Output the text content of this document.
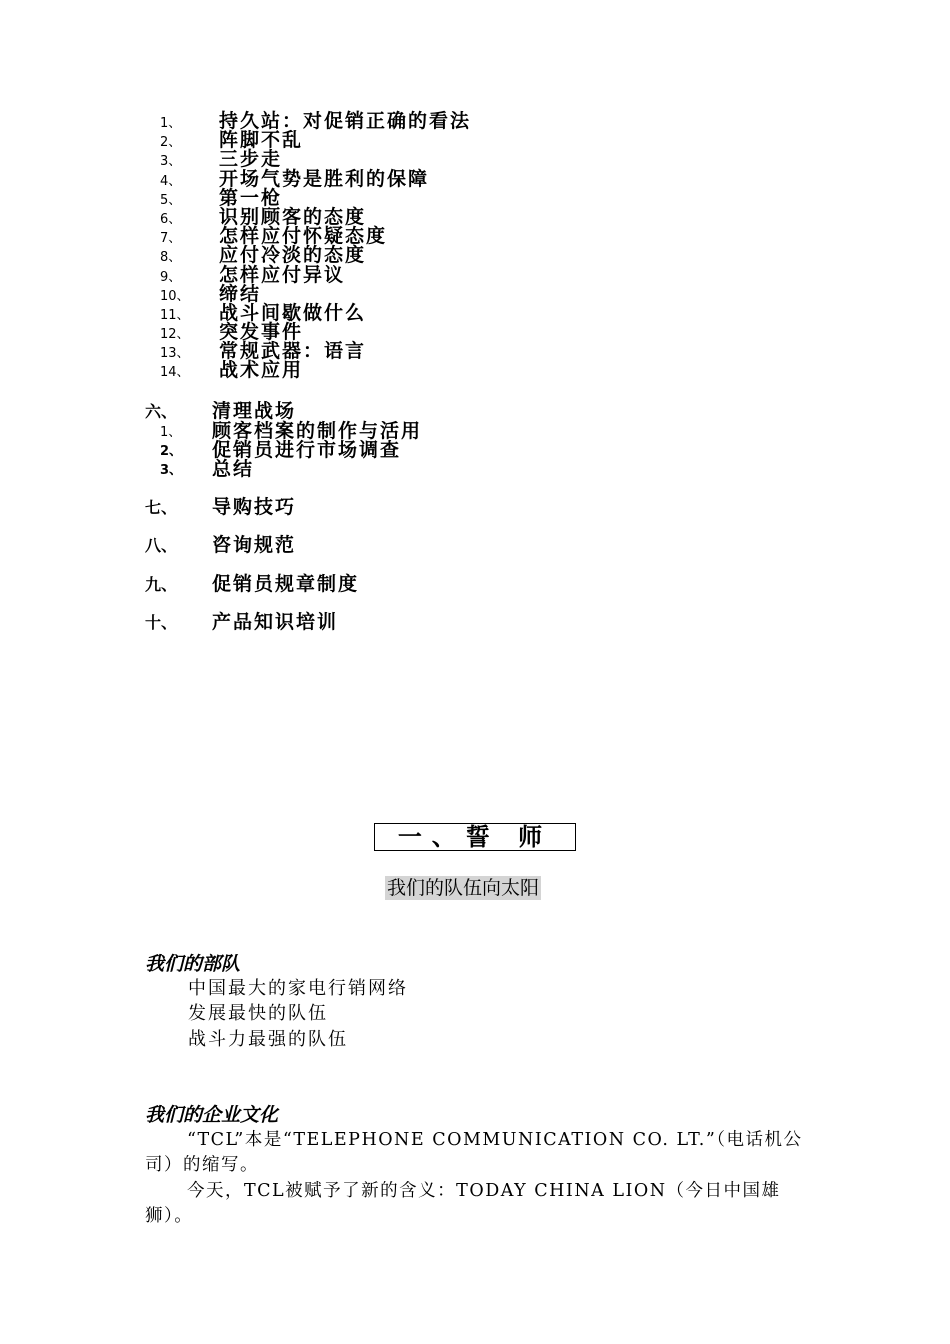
1、 持久站：对促销正确的看法
2、 阵脚不乱
3、 三步走
4、 开场气势是胜利的保障
5、 第一枪
6、 识别顾客的态度
7、 怎样应付怀疑态度
8、 应付冷淡的态度
9、 怎样应付异议
10、 缔结
11、 战斗间歇做什么
12、 突发事件
13、 常规武器：语言
14、 战术应用
六、 清理战场
1、 顾客档案的制作与活用
2、 促销员进行市场调查
3、 总结
七、 导购技巧
八、 咨询规范
九、 促销员规章制度
十、 产品知识培训
一、誓 师
我们的队伍向太阳
我们的部队
中国最大的家电行销网络
发展最快的队伍
战斗力最强的队伍
我们的企业文化
“TCL”本是“TELEPHONE COMMUNICATION CO. LT.”（电话机公司）的缩写。
今天，TCL被赋予了新的含义：TODAY CHINA LION（今日中国雄狮）。
